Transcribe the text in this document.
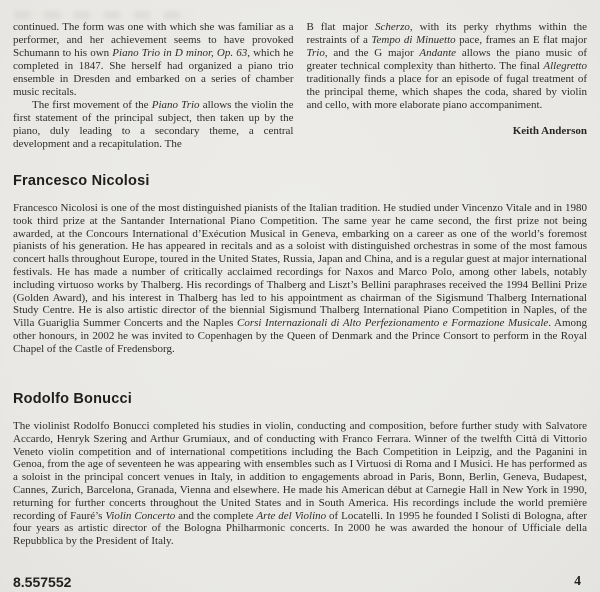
continued. The form was one with which she was familiar as a performer, and her achievement seems to have provoked Schumann to his own Piano Trio in D minor, Op. 63, which he completed in 1847. She herself had organized a piano trio ensemble in Dresden and embarked on a series of chamber music recitals.

The first movement of the Piano Trio allows the violin the first statement of the principal subject, then taken up by the piano, duly leading to a secondary theme, a central development and a recapitulation. The

B flat major Scherzo, with its perky rhythms within the restraints of a Tempo di Minuetto pace, frames an E flat major Trio, and the G major Andante allows the piano music of greater technical complexity than hitherto. The final Allegretto traditionally finds a place for an episode of fugal treatment of the principal theme, which shapes the coda, shared by violin and cello, with more elaborate piano accompaniment.

Keith Anderson
Francesco Nicolosi

Francesco Nicolosi is one of the most distinguished pianists of the Italian tradition. He studied under Vincenzo Vitale and in 1980 took third prize at the Santander International Piano Competition. The same year he came second, the first prize not being awarded, at the Concours International d’Exécution Musical in Geneva, embarking on a career as one of the world’s foremost pianists of his generation. He has appeared in recitals and as a soloist with distinguished orchestras in some of the most famous concert halls throughout Europe, toured in the United States, Russia, Japan and China, and is a regular guest at major international festivals. He has made a number of critically acclaimed recordings for Naxos and Marco Polo, among other labels, notably including virtuoso works by Thalberg. His recordings of Thalberg and Liszt’s Bellini paraphrases received the 1994 Bellini Prize (Golden Award), and his interest in Thalberg has led to his appointment as chairman of the Sigismund Thalberg International Study Centre. He is also artistic director of the biennial Sigismund Thalberg International Piano Competition in Naples, of the Villa Guariglia Summer Concerts and the Naples Corsi Internazionali di Alto Perfezionamento e Formazione Musicale. Among other honours, in 2002 he was invited to Copenhagen by the Queen of Denmark and the Prince Consort to perform in the Royal Chapel of the Castle of Fredensborg.

Rodolfo Bonucci

The violinist Rodolfo Bonucci completed his studies in violin, conducting and composition, before further study with Salvatore Accardo, Henryk Szering and Arthur Grumiaux, and of conducting with Franco Ferrara. Winner of the twelfth Città di Vittorio Veneto violin competition and of international competitions including the Bach Competition in Leipzig, and the Paganini in Genoa, from the age of seventeen he was appearing with ensembles such as I Virtuosi di Roma and I Musici. He has performed as a soloist in the principal concert venues in Italy, in addition to engagements abroad in Paris, Bonn, Berlin, Geneva, Budapest, Cannes, Zurich, Barcelona, Granada, Vienna and elsewhere. He made his American début at Carnegie Hall in New York in 1990, returning for further concerts throughout the United States and in South America. His recordings include the world première recording of Fauré’s Violin Concerto and the complete Arte del Violino of Locatelli. In 1995 he founded I Solisti di Bologna, after four years as artistic director of the Bologna Philharmonic concerts. In 2000 he was awarded the honour of Ufficiale della Repubblica by the President of Italy.

8.557552	4
